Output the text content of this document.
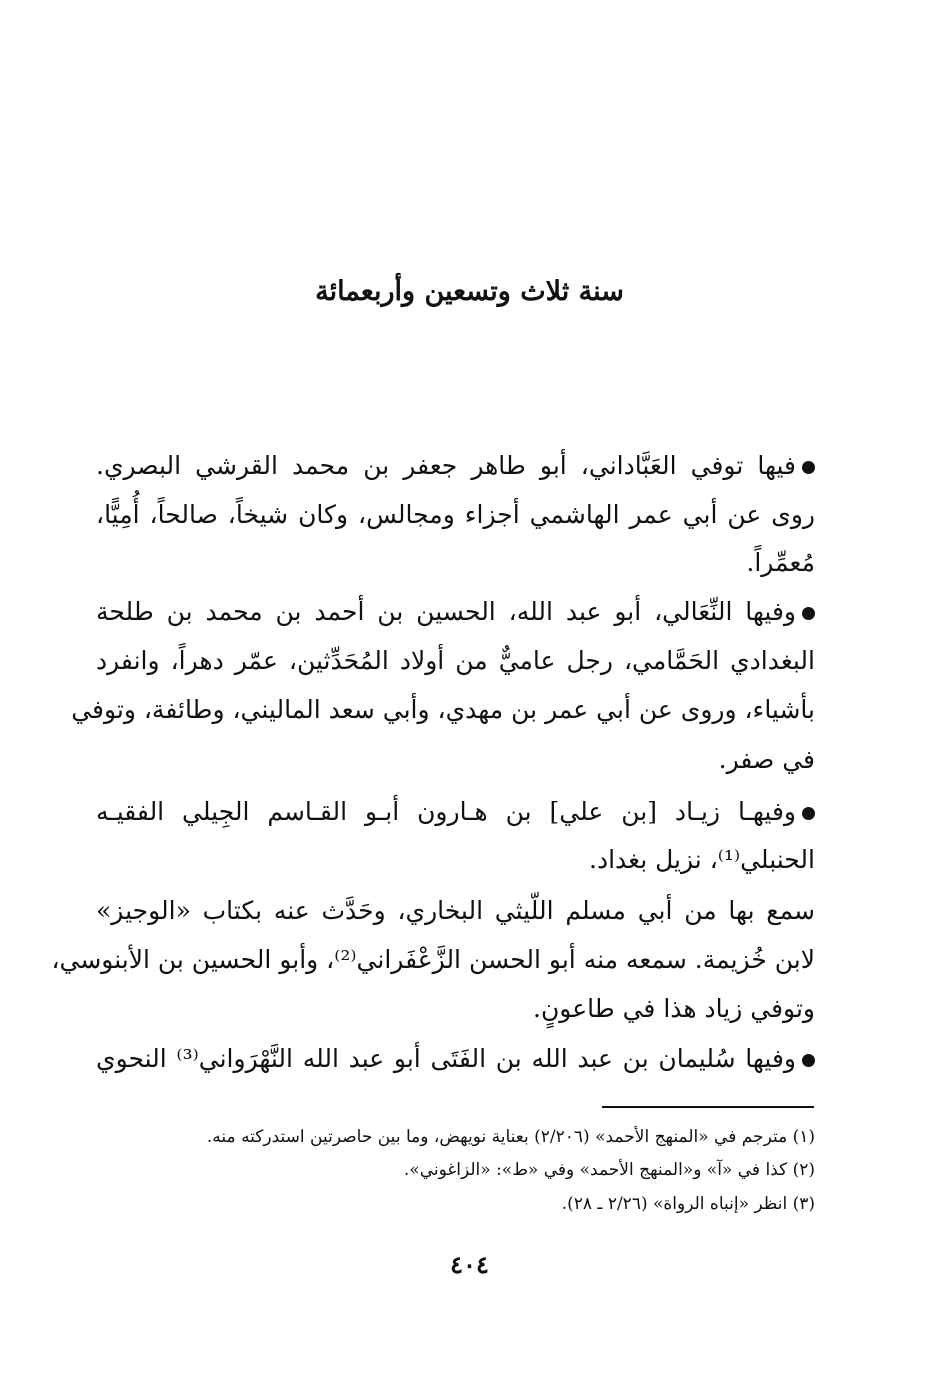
سنة ثلاث وتسعين وأربعمائة
فيها توفي العَبَّاداني، أبو طاهر جعفر بن محمد القرشي البصري.
روى عن أبي عمر الهاشمي أجزاء ومجالس، وكان شيخاً، صالحاً، أُمِيًّا،
مُعمِّراً.
وفيها النِّعَالي، أبو عبد الله، الحسين بن أحمد بن محمد بن طلحة
البغدادي الحَمَّامي، رجل عاميٌّ من أولاد المُحَدِّثين، عمّر دهراً، وانفرد
بأشياء، وروى عن أبي عمر بن مهدي، وأبي سعد الماليني، وطائفة، وتوفي
في صفر.
وفيهـا زيـاد [بن علي] بن هـارون أبـو القـاسم الجِيلي الفقيـه
الحنبلي⁽¹⁾، نزيل بغداد.
سمع بها من أبي مسلم اللّيثي البخاري، وحَدَّث عنه بكتاب «الوجيز»
لابن خُزيمة. سمعه منه أبو الحسن الزَّعْفَراني⁽²⁾، وأبو الحسين بن الأبنوسي،
وتوفي زياد هذا في طاعونٍ.
وفيها سُليمان بن عبد الله بن الفَتَى أبو عبد الله النَّهْرَواني⁽³⁾ النحوي
(١) مترجم في «المنهج الأحمد» (٢/٢٠٦) بعناية نويهض، وما بين حاصرتين استدركته منه.
(٢) كذا في «آ» و«المنهج الأحمد» وفي «ط»: «الزاغوني».
(٣) انظر «إنباه الرواة» (٢/٢٦ ـ ٢٨).
٤٠٤
